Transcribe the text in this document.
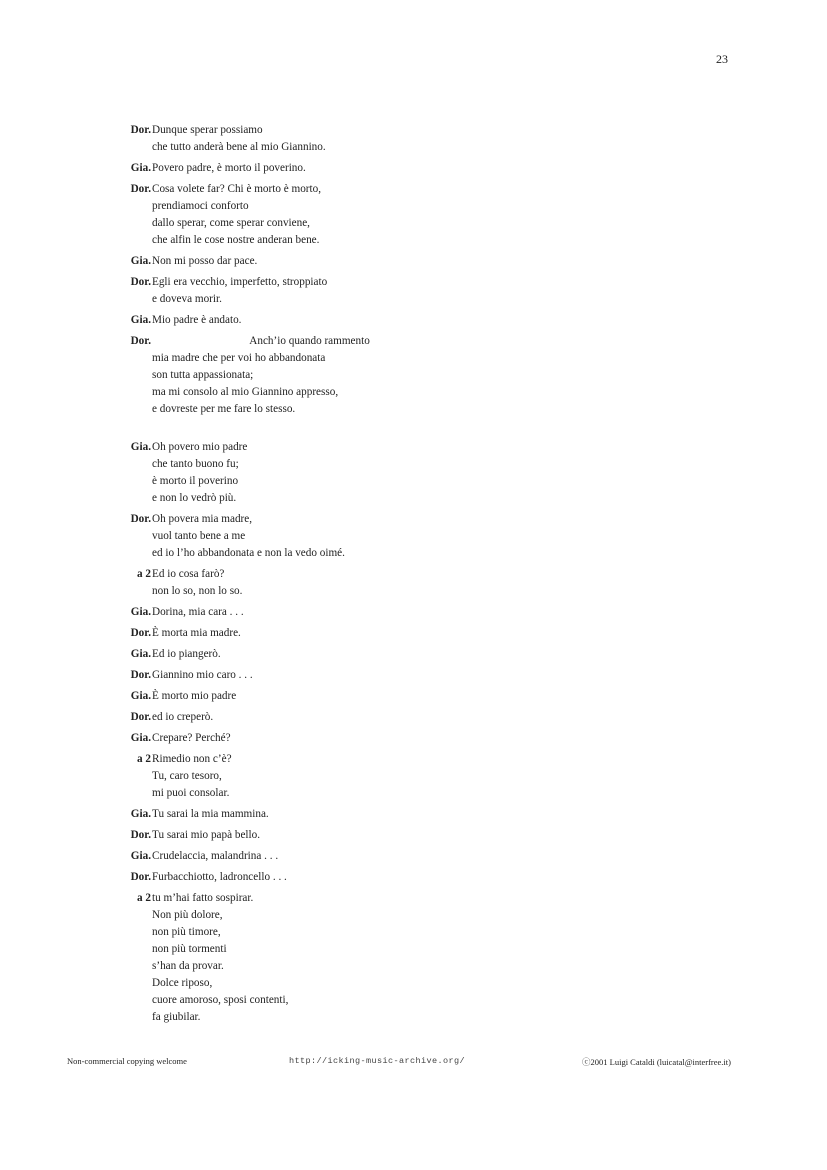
23
Dor. Dunque sperar possiamo
che tutto anderà bene al mio Giannino.
Gia. Povero padre, è morto il poverino.
Dor. Cosa volete far? Chi è morto è morto,
prendiamoci conforto
dallo sperar, come sperar conviene,
che alfin le cose nostre anderan bene.
Gia. Non mi posso dar pace.
Dor. Egli era vecchio, imperfetto, stroppiato
e doveva morir.
Gia. Mio padre è andato.
Dor. Anch’io quando rammento
mia madre che per voi ho abbandonata
son tutta appassionata;
ma mi consolo al mio Giannino appresso,
e dovreste per me fare lo stesso.
Gia. Oh povero mio padre
che tanto buono fu;
è morto il poverino
e non lo vedrò più.
Dor. Oh povera mia madre,
vuol tanto bene a me
ed io l’ho abbandonata e non la vedo oimé.
a 2 Ed io cosa farò?
non lo so, non lo so.
Gia. Dorina, mia cara . . .
Dor. È morta mia madre.
Gia. Ed io piangerò.
Dor. Giannino mio caro . . .
Gia. È morto mio padre
Dor. ed io creperò.
Gia. Crepare? Perché?
a 2 Rimedio non c’è?
Tu, caro tesoro,
mi puoi consolar.
Gia. Tu sarai la mia mammina.
Dor. Tu sarai mio papà bello.
Gia. Crudelaccia, malandrina . . .
Dor. Furbacchiotto, ladroncello . . .
a 2 tu m’hai fatto sospirar.
Non più dolore,
non più timore,
non più tormenti
s’han da provar.
Dolce riposo,
cuore amoroso, sposi contenti,
fa giubilar.
Non-commercial copying welcome	http://icking-music-archive.org/	ⓒ2001 Luigi Cataldi (luicatal@interfree.it)
